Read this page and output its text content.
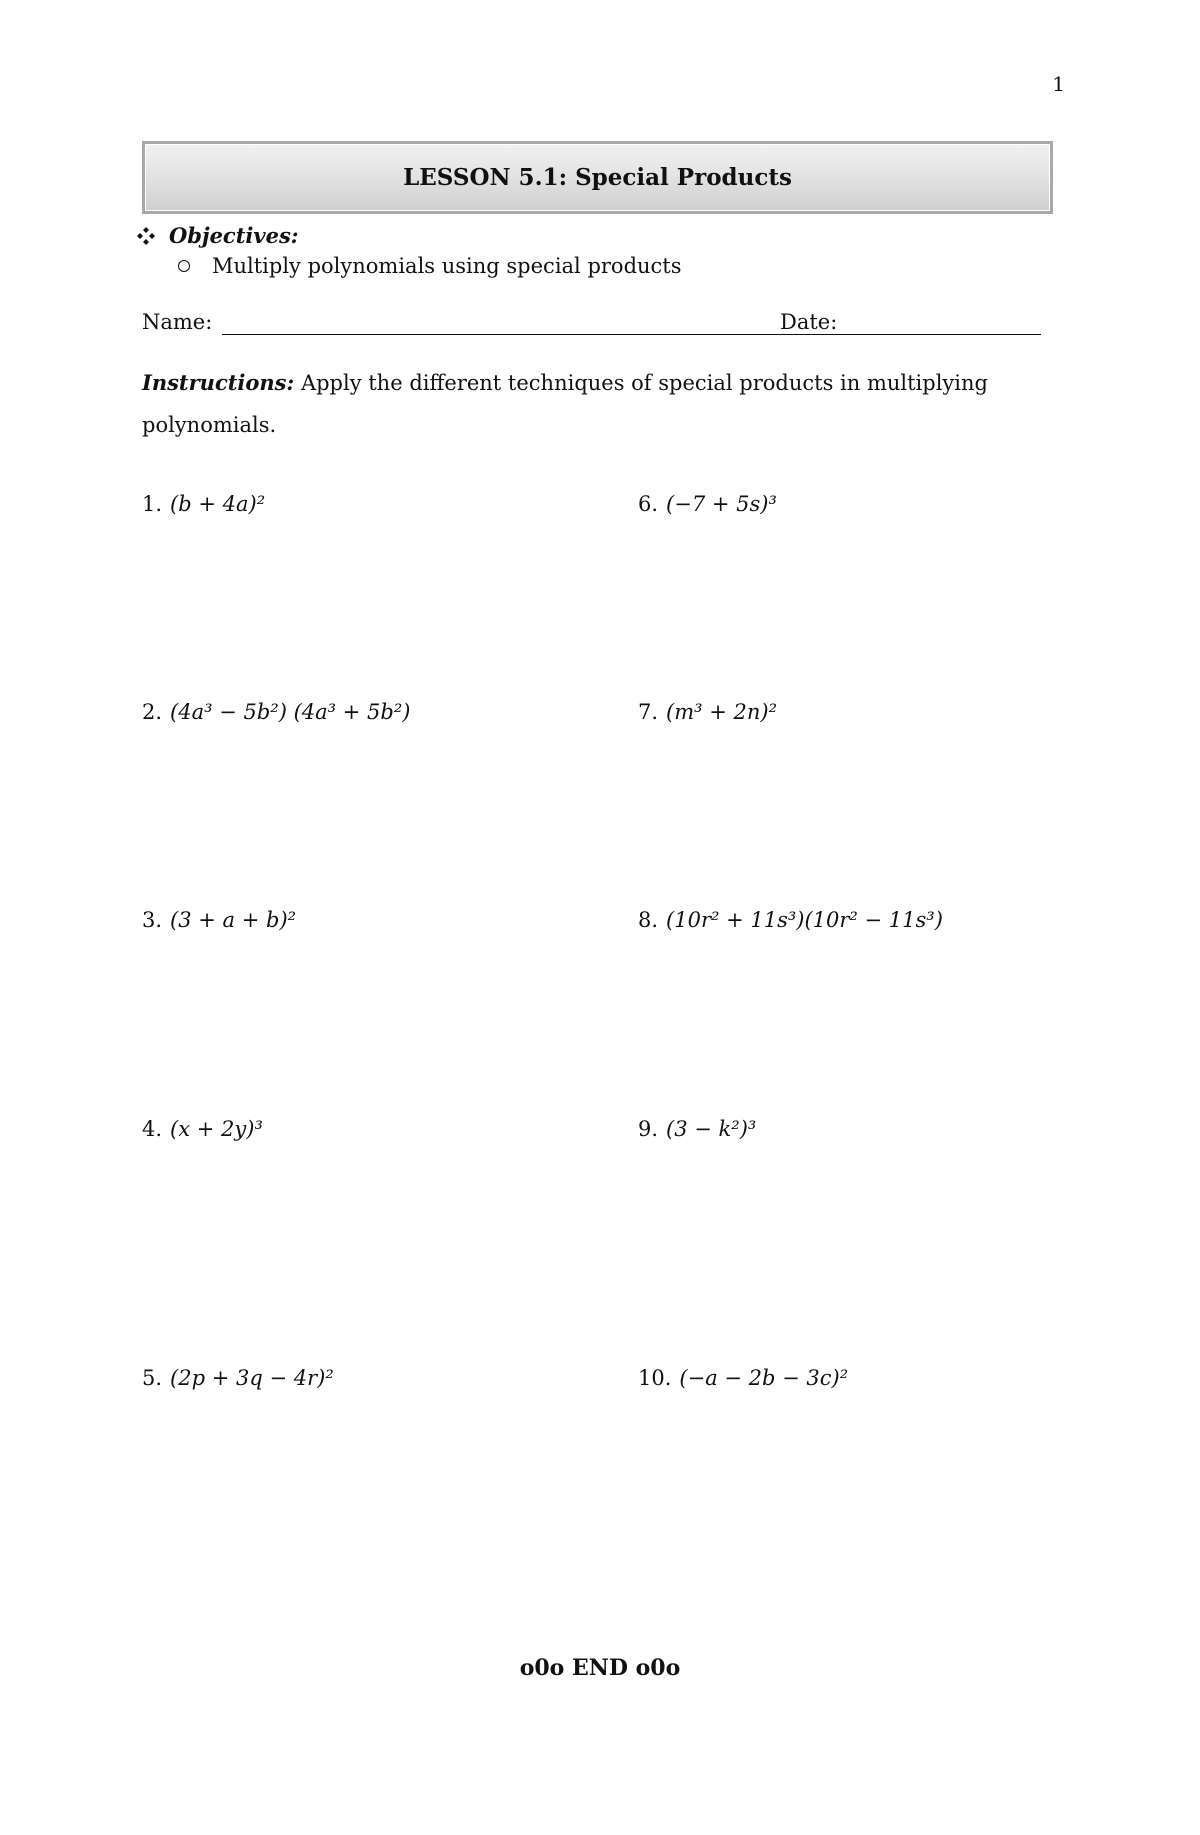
1
LESSON 5.1: Special Products
Objectives:
Multiply polynomials using special products
Name:	Date:
Instructions: Apply the different techniques of special products in multiplying polynomials.
1. (b + 4a)²
2. (4a³ − 5b²) (4a³ + 5b²)
3. (3 + a + b)²
4. (x + 2y)³
5. (2p + 3q − 4r)²
6. (−7 + 5s)³
7. (m³ + 2n)²
8. (10r² + 11s³)(10r² − 11s³)
9. (3 − k²)³
10. (−a − 2b − 3c)²
o0o END o0o
